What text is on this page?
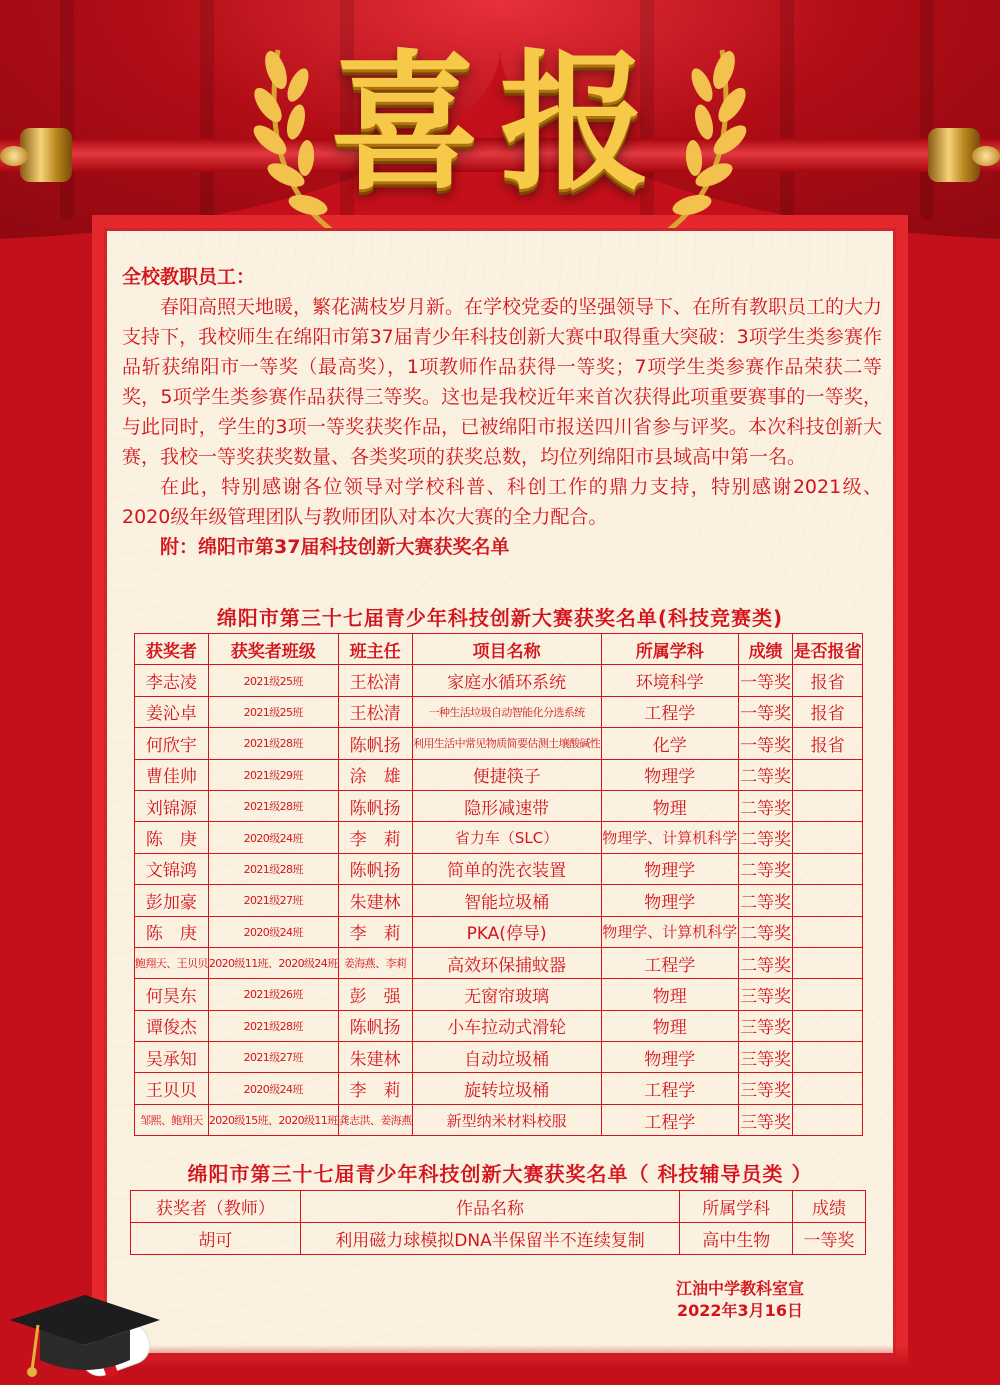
喜报

全校教职员工：

春阳高照天地暖，繁花满枝岁月新。在学校党委的坚强领导下、在所有教职员工的大力支持下，我校师生在绵阳市第37届青少年科技创新大赛中取得重大突破：3项学生类参赛作品斩获绵阳市一等奖（最高奖），1项教师作品获得一等奖；7项学生类参赛作品荣获二等奖，5项学生类参赛作品获得三等奖。这也是我校近年来首次获得此项重要赛事的一等奖，与此同时，学生的3项一等奖获奖作品，已被绵阳市报送四川省参与评奖。本次科技创新大赛，我校一等奖获奖数量、各类奖项的获奖总数，均位列绵阳市县域高中第一名。

在此，特别感谢各位领导对学校科普、科创工作的鼎力支持，特别感谢2021级、2020级年级管理团队与教师团队对本次大赛的全力配合。

附：绵阳市第37届科技创新大赛获奖名单

绵阳市第三十七届青少年科技创新大赛获奖名单(科技竞赛类)
获奖者	获奖者班级	班主任	项目名称	所属学科	成绩	是否报省
李志凌	2021级25班	王松清	家庭水循环系统	环境科学	一等奖	报省
姜沁卓	2021级25班	王松清	一种生活垃圾自动智能化分选系统	工程学	一等奖	报省
何欣宇	2021级28班	陈帆扬	利用生活中常见物质简要估测土壤酸碱性	化学	一等奖	报省
曹佳帅	2021级29班	涂　雄	便捷筷子	物理学	二等奖	
刘锦源	2021级28班	陈帆扬	隐形减速带	物理	二等奖	
陈　庚	2020级24班	李　莉	省力车（SLC）	物理学、计算机科学	二等奖	
文锦鸿	2021级28班	陈帆扬	简单的洗衣装置	物理学	二等奖	
彭加豪	2021级27班	朱建林	智能垃圾桶	物理学	二等奖	
陈　庚	2020级24班	李　莉	PKA(停导)	物理学、计算机科学	二等奖	
鲍翔天、王贝贝	2020级11班、2020级24班	姜海燕、李莉	高效环保捕蚊器	工程学	二等奖	
何昊东	2021级26班	彭　强	无窗帘玻璃	物理	三等奖	
谭俊杰	2021级28班	陈帆扬	小车拉动式滑轮	物理	三等奖	
吴承知	2021级27班	朱建林	自动垃圾桶	物理学	三等奖	
王贝贝	2020级24班	李　莉	旋转垃圾桶	工程学	三等奖	
邹熙、鲍翔天	2020级15班、2020级11班	龚志洪、姜海燕	新型纳米材料校服	工程学	三等奖	
绵阳市第三十七届青少年科技创新大赛获奖名单（ 科技辅导员类 ）
获奖者（教师）	作品名称	所属学科	成绩
胡可	利用磁力球模拟DNA半保留半不连续复制	高中生物	一等奖
江油中学教科室宣
2022年3月16日
